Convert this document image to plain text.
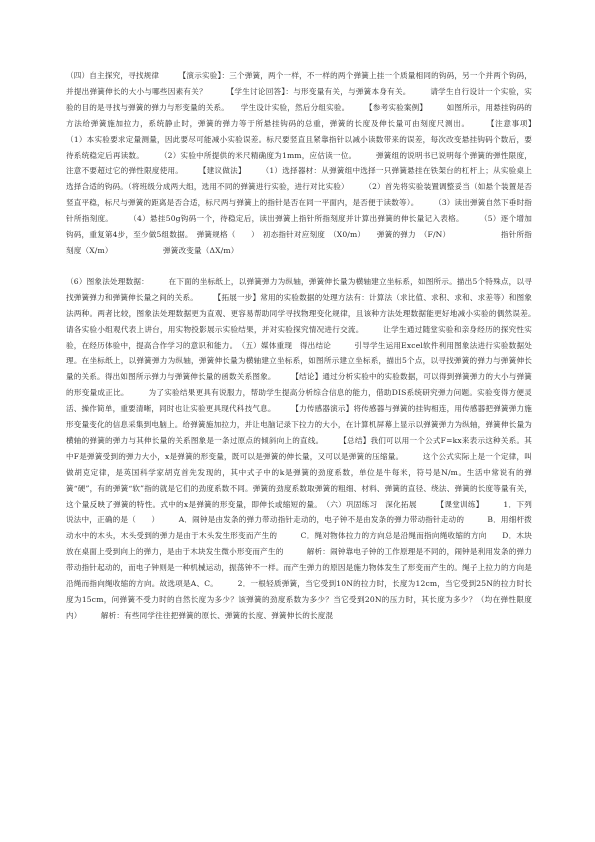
（四）自主探究，寻找规律　　　【演示实验】：三个弹簧，两个一样，不一样的两个弹簧上挂一个质量相同的钩码，另一个并两个钩码，并提出弹簧伸长的大小与哪些因素有关？　　　【学生讨论回答】：与形变量有关，与弹簧本身有关。　　　请学生自行设计一个实验，实验的目的是寻找与弹簧的弹力与形变量的关系。　　学生设计实验，然后分组实验。　　　【参考实验案例】　　　如图所示，用悬挂钩码的方法给弹簧施加拉力，系统静止时，弹簧的弹力等于所悬挂钩码的总重，弹簧的长度及伸长量可由刻度尺测出。　　　【注意事项】　　　（1）本实验要求定量测量，因此要尽可能减小实验误差。标尺要竖直且紧靠指针以减小读数带来的误差，每次改变悬挂钩码个数后，要待系统稳定后再读数。　　　（2）实验中所提供的米尺精确度为1mm，应估读一位。　　　弹簧组的说明书已说明每个弹簧的弹性限度，注意不要超过它的弹性限度使用。　　　【建议做法】　　　（1）选择器材：从弹簧组中选择一只弹簧悬挂在铁架台的杠杆上；从实验桌上选择合适的钩码。（将班级分成两大组，选用不同的弹簧进行实验，进行对比实验）　　　（2）首先将实验装置调整妥当（如悬个装置是否竖直平稳，标尺与弹簧的距离是否合适，标尺两与弹簧上的指针是否在同一平面内，是否便于读数等）。　　　（3）读出弹簧自然下垂时指针所指刻度。　　　（4）悬挂50g钩码一个，待稳定后，读出弹簧上指针所指刻度并计算出弹簧的伸长量记入表格。　　　（5）逐个增加钩码，重复第4步，至少做5组数据。　弹簧规格（　　）　初态指针对应刻度　（X0/m）　　弹簧的弹力　（F/N）　　　　　　　指针所指刻度（X/m）　　　　　　　弹簧改变量（ΔX/m）

（6）图象法处理数据：　　　在下面的坐标纸上，以弹簧弹力为纵轴，弹簧伸长量为横轴建立坐标系，如图所示。描出5个特殊点，以寻找弹簧弹力和弹簧伸长量之间的关系。　　　【拓展一步】常用的实验数据的处理方法有：计算法（求比值、求积、求和、求差等）和图象法两种。两者比较，图象法处理数据更为直观、更容易帮助同学寻找物理变化规律，且该种方法处理数据能更好地减小实验的偶然误差。　　　请各实验小组观代表上讲台，用实物投影展示实验结果，并对实验探究情况进行交流。　　　让学生通过随堂实验和亲身经历的探究性实验，在经历体验中，提高合作学习的意识和能力。　（五）媒体重现　得出结论　　　引导学生运用Excel软件利用图象法进行实验数据处理。在坐标纸上，以弹簧弹力为纵轴，弹簧伸长量为横轴建立坐标系，如图所示建立坐标系，描出5个点，以寻找弹簧的弹力与弹簧伸长量的关系。得出如图所示弹力与弹簧伸长量的函数关系图象。　　　【结论】通过分析实验中的实验数据，可以得到弹簧弹力的大小与弹簧的形变量成正比。　　　为了实验结果更具有说服力，帮助学生提高分析综合信息的能力，借助DIS系统研究弹力问题。实验变得方便灵活、操作简单，重要清晰，同时也让实验更具现代科技气息。　　　【力传感器演示】将传感器与弹簧的挂钩相连，用传感器把弹簧弹力施形变量变化的信息采集到电脑上。给弹簧施加拉力，并让电脑记录下拉力的大小，在计算机屏幕上显示以弹簧弹力为纵轴，弹簧伸长量为横轴的弹簧的弹力与其伸长量的关系图象是一条过原点的倾斜向上的直线。　　　【总结】我们可以用一个公式F=kx来表示这种关系。其中F是弹簧受到的弹力大小，x是弹簧的形变量，既可以是弹簧的伸长量，又可以是弹簧的压缩量。　　　这个公式实际上是一个定律，叫做胡克定律，是英国科学家胡克首先发现的，其中式子中的k是弹簧的劲度系数，单位是牛每米，符号是N/m。生活中常说有的弹簧“硬”，有的弹簧“软”指的就是它们的劲度系数不同。弹簧的劲度系数取弹簧的粗细、材料、弹簧的直径、绕法、弹簧的长度等量有关，这个量反映了弹簧的特性。式中的x是弹簧的形变量，即伸长或缩短的量。　（六）巩固练习　深化拓展　　　【课堂训练】　　　1．下列说法中，正确的是（　　）　　　A．闹钟是由发条的弹力带动指针走动的，电子钟不是由发条的弹力带动指针走动的　　　B．用细杆拨动水中的木头，木头受到的弹力是由于木头发生形变而产生的　　　C．绳对物体拉力的方向总是沿绳而指向绳收缩的方向　　D．木块放在桌面上受到向上的弹力，是由于木块发生微小形变而产生的　　　解析：闹钟靠电子钟的工作原理是不同的，闹钟是利用发条的弹力带动指针起动的，而电子钟则是一种机械运动，振荡钟不一样。而产生弹力的原因是施力物体发生了形变而产生的。绳子上拉力的方向是沿绳而指向绳收缩的方向。故选项是A、C。　　　2．一根轻质弹簧，当它受到10N的拉力时，长度为12cm，当它受到25N的拉力时长度为15cm，问弹簧不受力时的自然长度为多少？该弹簧的劲度系数为多少？当它受到20N的压力时，其长度为多少？（均在弹性限度内）　　　解析：有些同学往往把弹簧的原长、弹簧的长度、弹簧伸长的长度混
